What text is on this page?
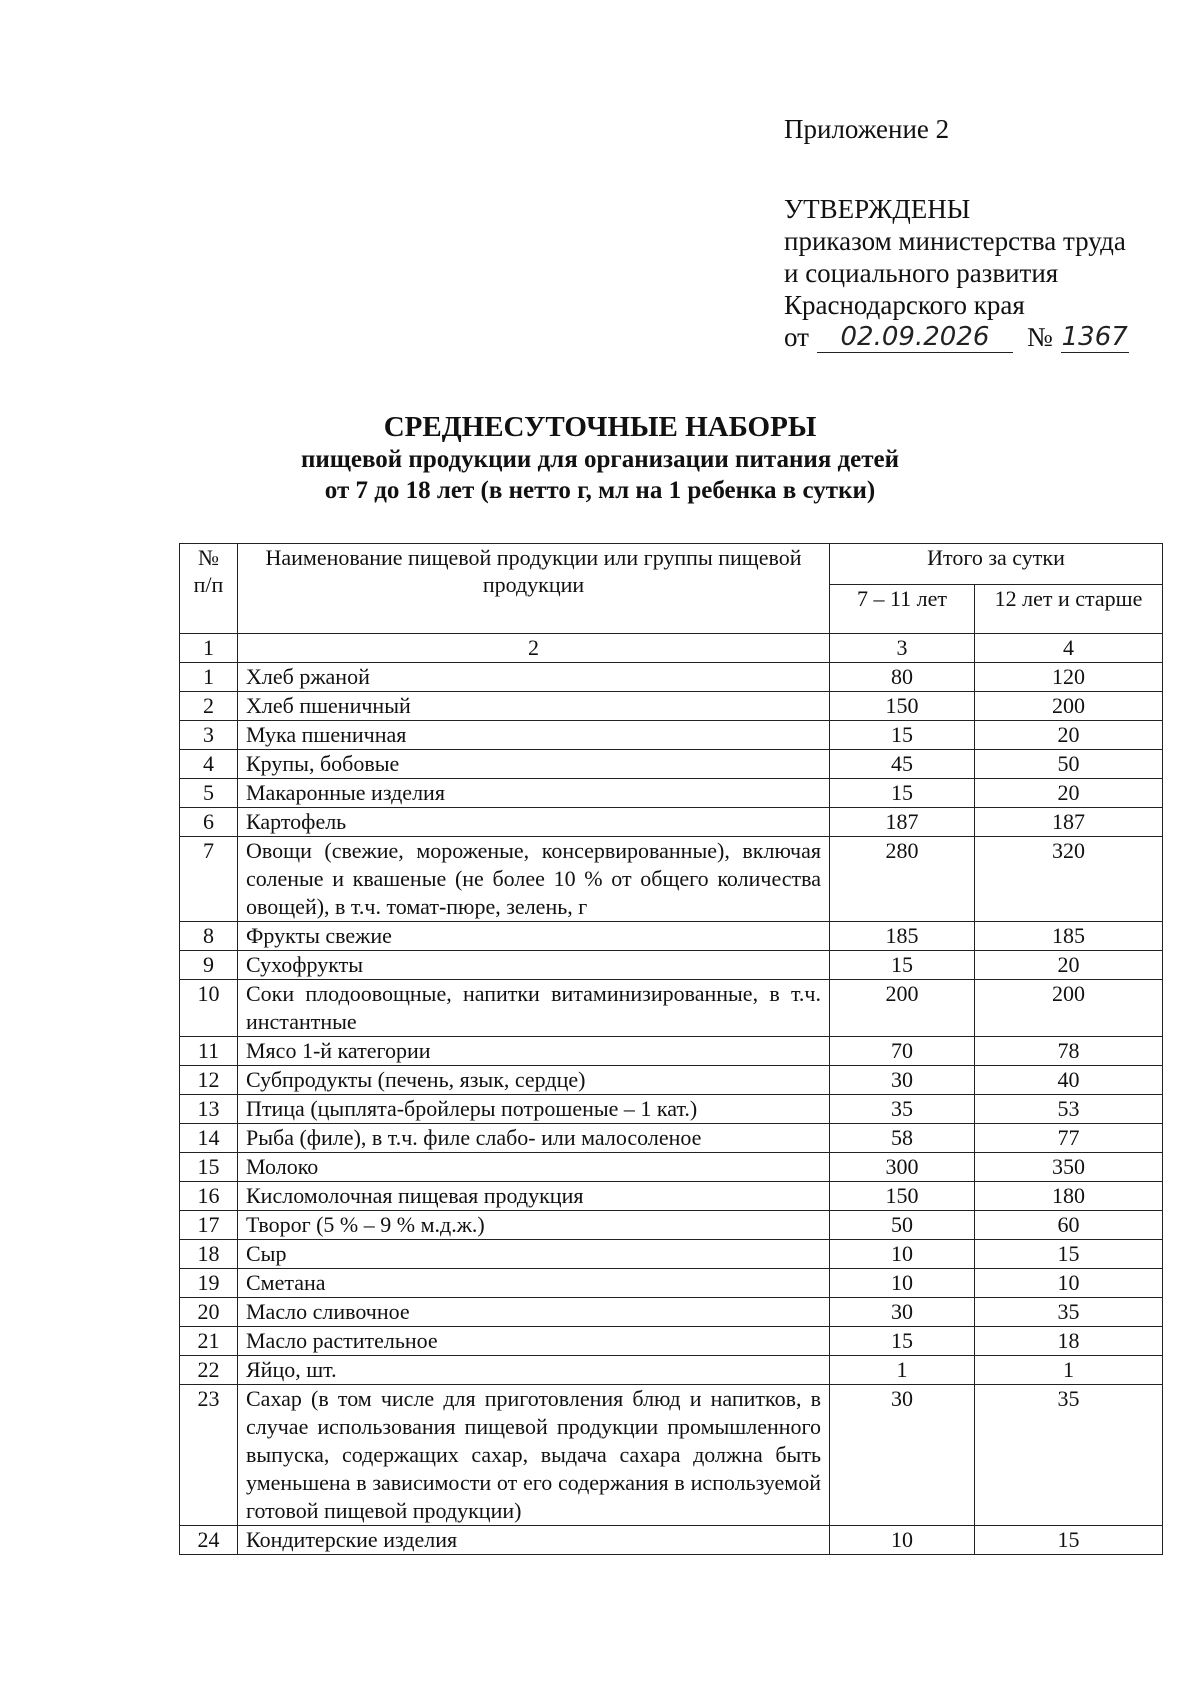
Приложение 2
УТВЕРЖДЕНЫ
приказом министерства труда
и социального развития
Краснодарского края
от	02.09.2026	№ 1367
СРЕДНЕСУТОЧНЫЕ НАБОРЫ
пищевой продукции для организации питания детей
от 7 до 18 лет (в нетто г, мл на 1 ребенка в сутки)
№ п/п	Наименование пищевой продукции или группы пищевой продукции	Итого за сутки	
		7 – 11 лет	12 лет и старше
1	2	3	4
1	Хлеб ржаной	80	120
2	Хлеб пшеничный	150	200
3	Мука пшеничная	15	20
4	Крупы, бобовые	45	50
5	Макаронные изделия	15	20
6	Картофель	187	187
7	Овощи (свежие, мороженые, консервированные), включая соленые и квашеные (не более 10 % от общего количества овощей), в т.ч. томат-пюре, зелень, г	280	320
8	Фрукты свежие	185	185
9	Сухофрукты	15	20
10	Соки плодоовощные, напитки витаминизированные, в т.ч. инстантные	200	200
11	Мясо 1-й категории	70	78
12	Субпродукты (печень, язык, сердце)	30	40
13	Птица (цыплята-бройлеры потрошеные – 1 кат.)	35	53
14	Рыба (филе), в т.ч. филе слабо- или малосоленое	58	77
15	Молоко	300	350
16	Кисломолочная пищевая продукция	150	180
17	Творог (5 % – 9 % м.д.ж.)	50	60
18	Сыр	10	15
19	Сметана	10	10
20	Масло сливочное	30	35
21	Масло растительное	15	18
22	Яйцо, шт.	1	1
23	Сахар (в том числе для приготовления блюд и напитков, в случае использования пищевой продукции промышленного выпуска, содержащих сахар, выдача сахара должна быть уменьшена в зависимости от его содержания в используемой готовой пищевой продукции)	30	35
24	Кондитерские изделия	10	15
